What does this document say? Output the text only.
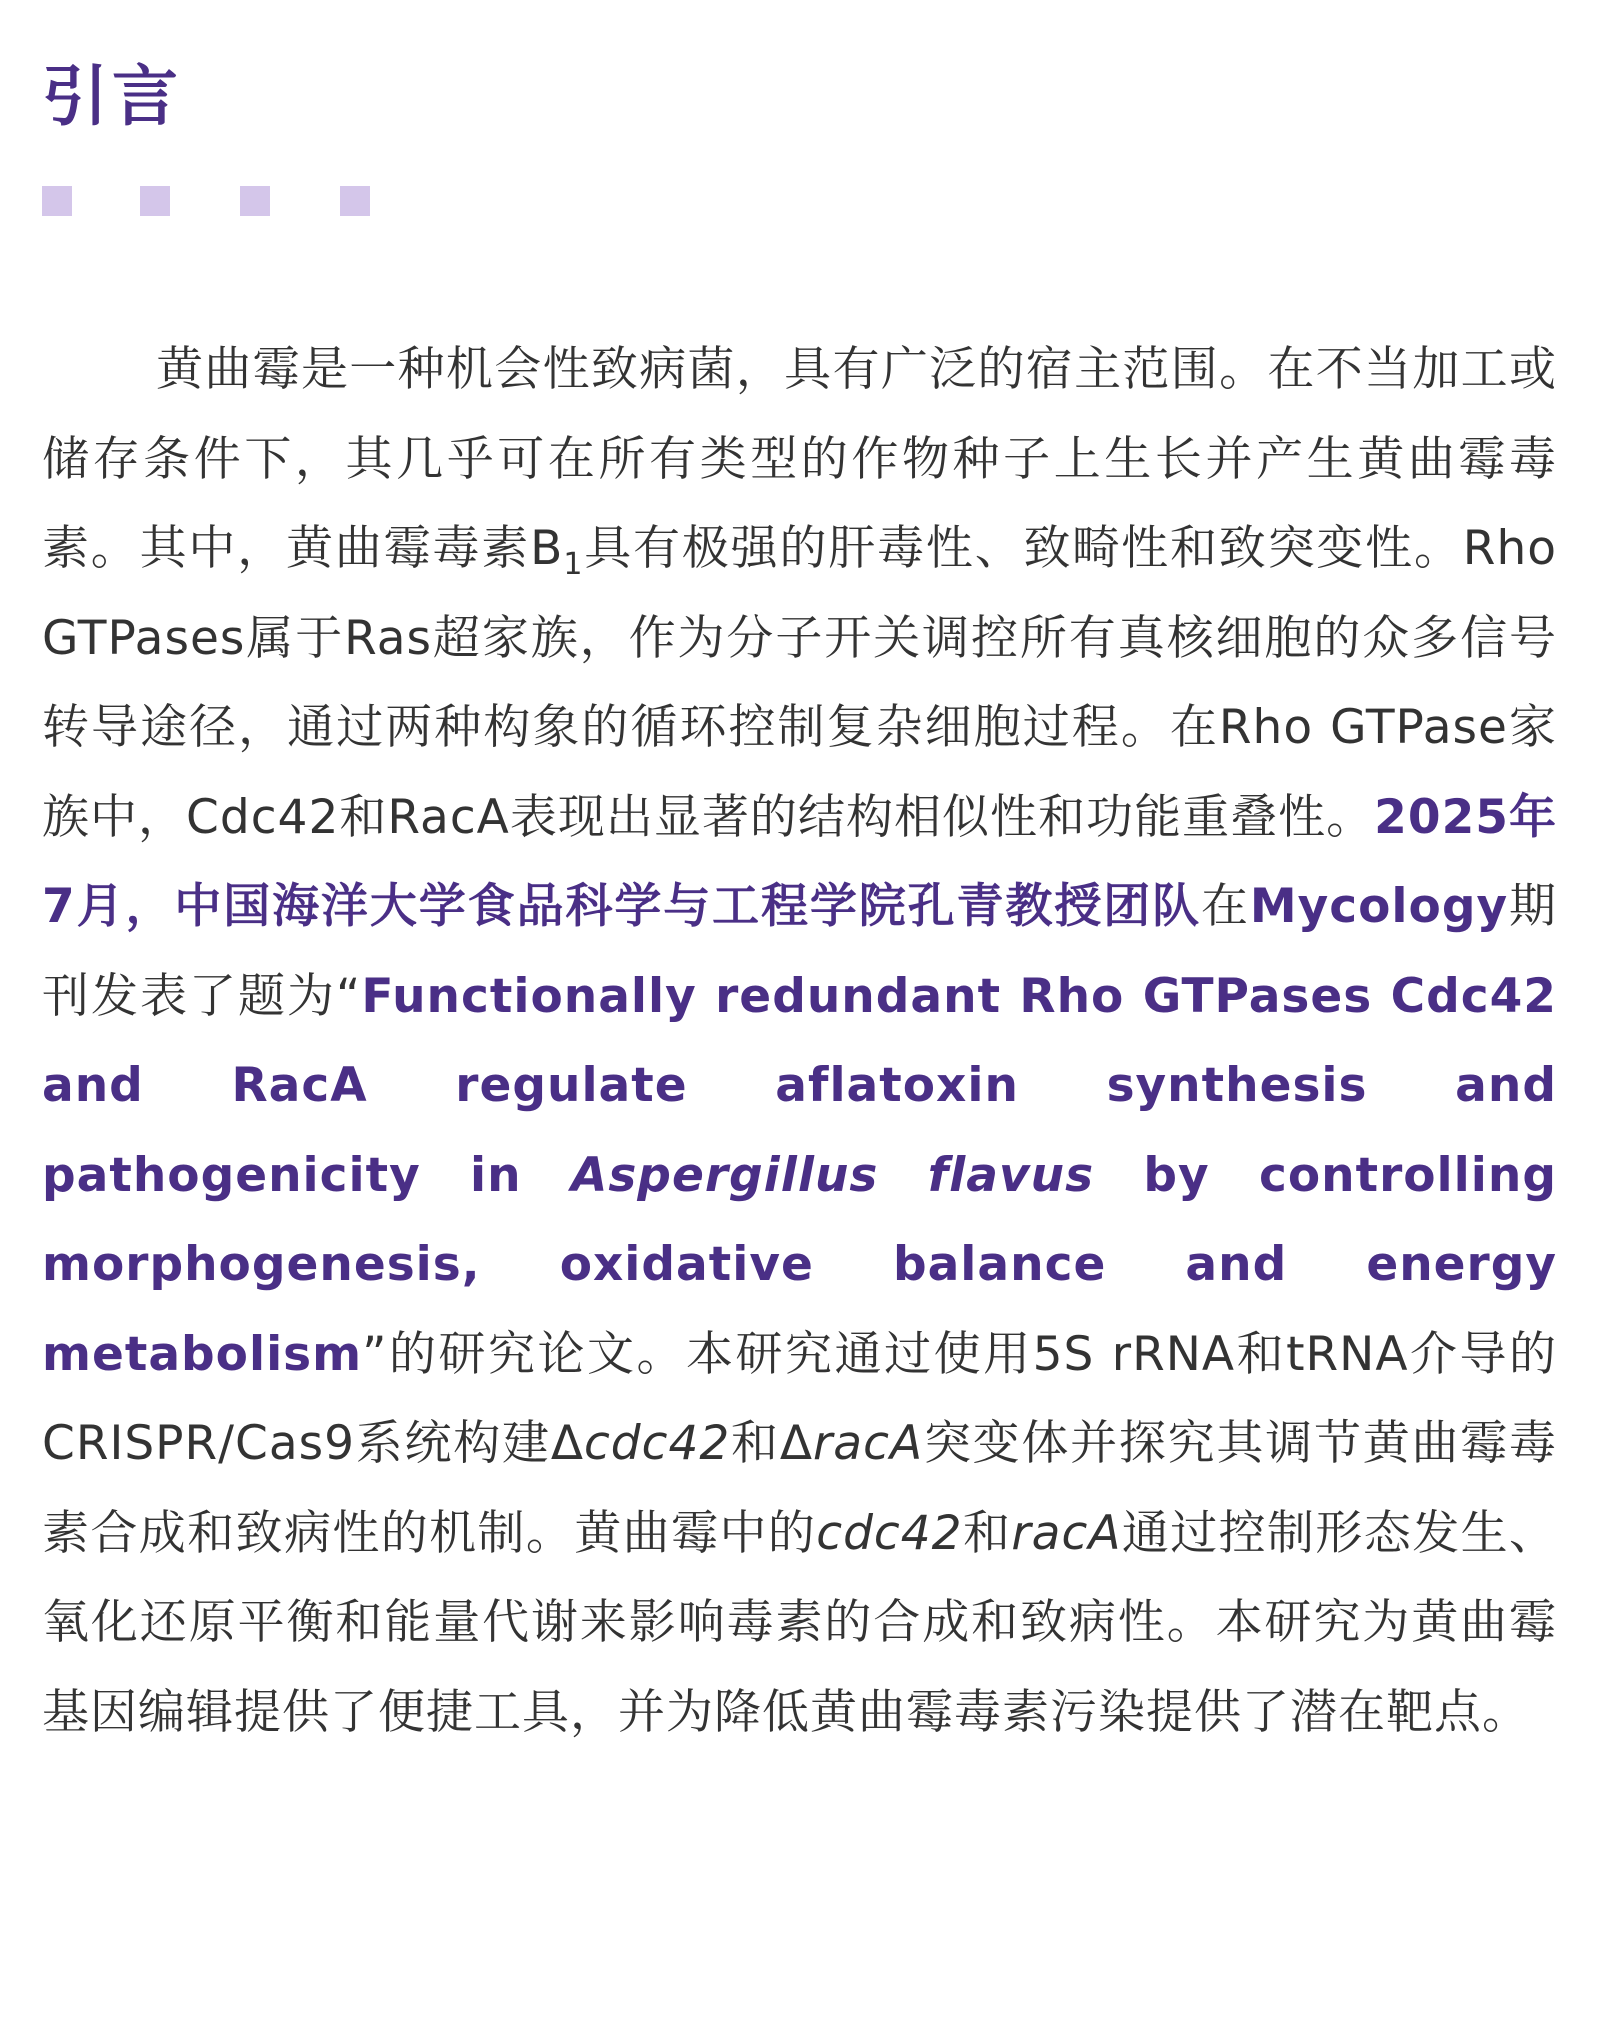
引言

黄曲霉是一种机会性致病菌，具有广泛的宿主范围。在不当加工或储存条件下，其几乎可在所有类型的作物种子上生长并产生黄曲霉毒素。其中，黄曲霉毒素$B_1$具有极强的肝毒性、致畸性和致突变性。Rho GTPases属于Ras超家族，作为分子开关调控所有真核细胞的众多信号转导途径，通过两种构象的循环控制复杂细胞过程。在Rho GTPase家族中，Cdc42和RacA表现出显著的结构相似性和功能重叠性。2025年7月，中国海洋大学食品科学与工程学院孔青教授团队在Mycology期刊发表了题为“Functionally redundant Rho GTPases Cdc42 and RacA regulate aflatoxin synthesis and pathogenicity in Aspergillus flavus by controlling morphogenesis, oxidative balance and energy metabolism”的研究论文。本研究通过使用5S rRNA和tRNA介导的CRISPR/Cas9系统构建Δcdc42和ΔracA突变体并探究其调节黄曲霉毒素合成和致病性的机制。黄曲霉中的cdc42和racA通过控制形态发生、氧化还原平衡和能量代谢来影响毒素的合成和致病性。本研究为黄曲霉基因编辑提供了便捷工具，并为降低黄曲霉毒素污染提供了潜在靶点。
